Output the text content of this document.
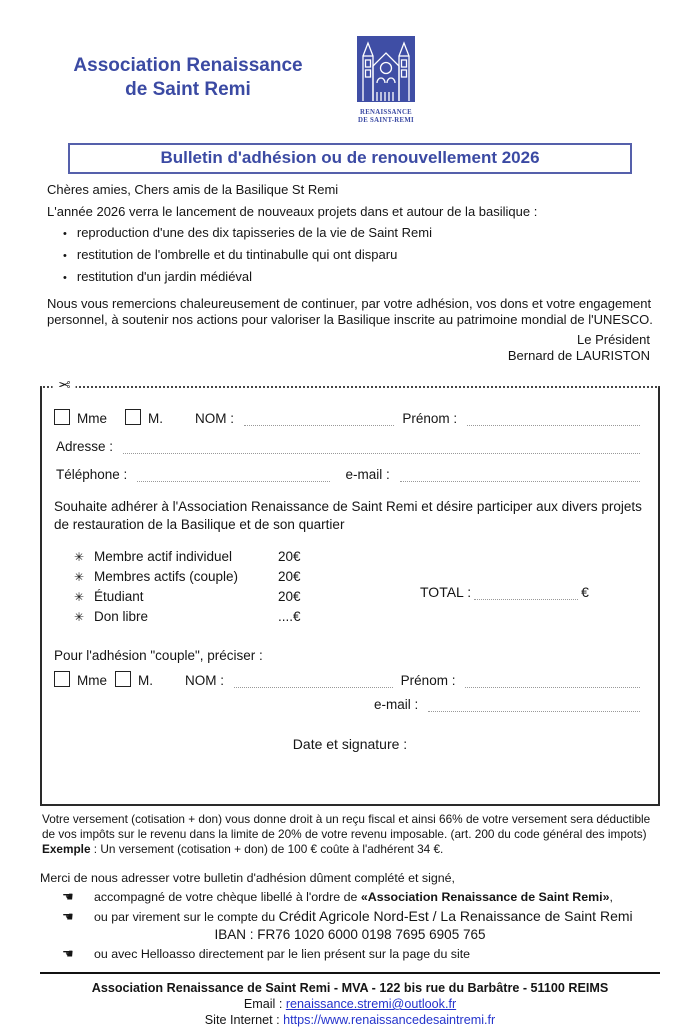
Association Renaissance
de Saint Remi
RENAISSANCE
DE SAINT-REMI
Bulletin d'adhésion ou de renouvellement 2026

Chères amies, Chers amis de la Basilique St Remi

L'année 2026 verra le lancement de nouveaux projets dans et autour de la basilique :

• reproduction d'une des dix tapisseries de la vie de Saint Remi
• restitution de l'ombrelle et du tintinabulle qui ont disparu
• restitution d'un jardin médiéval

Nous vous remercions chaleureusement de continuer, par votre adhésion, vos dons et votre engagement personnel, à soutenir nos actions pour valoriser la Basilique inscrite au patrimoine mondial de l'UNESCO.

Le Président
Bernard de LAURISTON
✂
Mme	M. NOM :	Prénom :
Adresse :
Téléphone :	e-mail :

Souhaite adhérer à l'Association Renaissance de Saint Remi et désire participer aux divers projets de restauration de la Basilique et de son quartier

✳ Membre actif individuel	20€
✳ Membres actifs (couple)	20€
✳ Étudiant	20€
✳ Don libre	....€
TOTAL :	€

Pour l'adhésion "couple", préciser :

Mme M. NOM :	Prénom :
e-mail :

Date et signature :

Votre versement (cotisation + don) vous donne droit à un reçu fiscal et ainsi 66% de votre versement sera déductible de vos impôts sur le revenu dans la limite de 20% de votre revenu imposable. (art. 200 du code général des impots)
Exemple : Un versement (cotisation + don) de 100 € coûte à l'adhérent 34 €.
Merci de nous adresser votre bulletin d'adhésion dûment complété et signé,
☚	accompagné de votre chèque libellé à l'ordre de «Association Renaissance de Saint Remi»,
☚	ou par virement sur le compte du Crédit Agricole Nord-Est / La Renaissance de Saint Remi
IBAN : FR76 1020 6000 0198 7695 6905 765
☚	ou avec Helloasso directement par le lien présent sur la page du site
Association Renaissance de Saint Remi - MVA - 122 bis rue du Barbâtre - 51100 REIMS
Email : renaissance.stremi@outlook.fr
Site Internet : https://www.renaissancedesaintremi.fr
